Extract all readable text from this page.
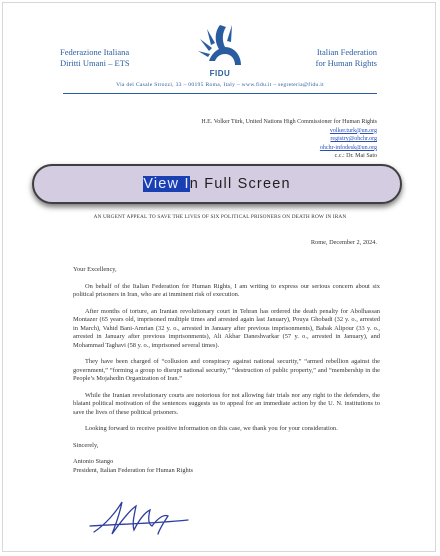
Federazione Italiana
Diritti Umani – ETS
Italian Federation
for Human Rights
FIDU
Via del Casale Strozzi, 33 – 00195 Roma, Italy – www.fidu.it – segreteria@fidu.it
H.E. Volker Türk, United Nations High Commissioner for Human Rights
volker.turk@un.org
registry@ohchr.org
ohchr-infodesk@un.org
c.c.: Dr. Mai Sato
AN URGENT APPEAL TO SAVE THE LIVES OF SIX POLITICAL PRISONERS ON DEATH ROW IN IRAN
Rome, December 2, 2024.

Your Excellency,

On behalf of the Italian Federation for Human Rights, I am writing to express our serious concern about six political prisoners in Iran, who are at imminent risk of execution.

After months of torture, an Iranian revolutionary court in Tehran has ordered the death penalty for Abolhassan Montazer (65 years old, imprisoned multiple times and arrested again last January), Pouya Ghobadi (32 y. o., arrested in March), Vahid Bani-Amrian (32 y. o., arrested in January after previous imprisonments), Babak Alipour (33 y. o., arrested in January after previous imprisonments), Ali Akbar Daneshvarkar (57 y. o., arrested in January), and Mohammad Taghavi (58 y. o., imprisoned several times).

They have been charged of “collusion and conspiracy against national security,” “armed rebellion against the government,” “forming a group to disrupt national security,” “destruction of public property,” and “membership in the People’s Mojahedin Organization of Iran.”

While the Iranian revolutionary courts are notorious for not allowing fair trials nor any right to the defenders, the blatant political motivation of the sentences suggests us to appeal for an immediate action by the U. N. institutions to save the lives of these political prisoners.

Looking forward to receive positive information on this case, we thank you for your consideration.

Sincerely,

Antonio Stango

President, Italian Federation for Human Rights

View In Full Screen
